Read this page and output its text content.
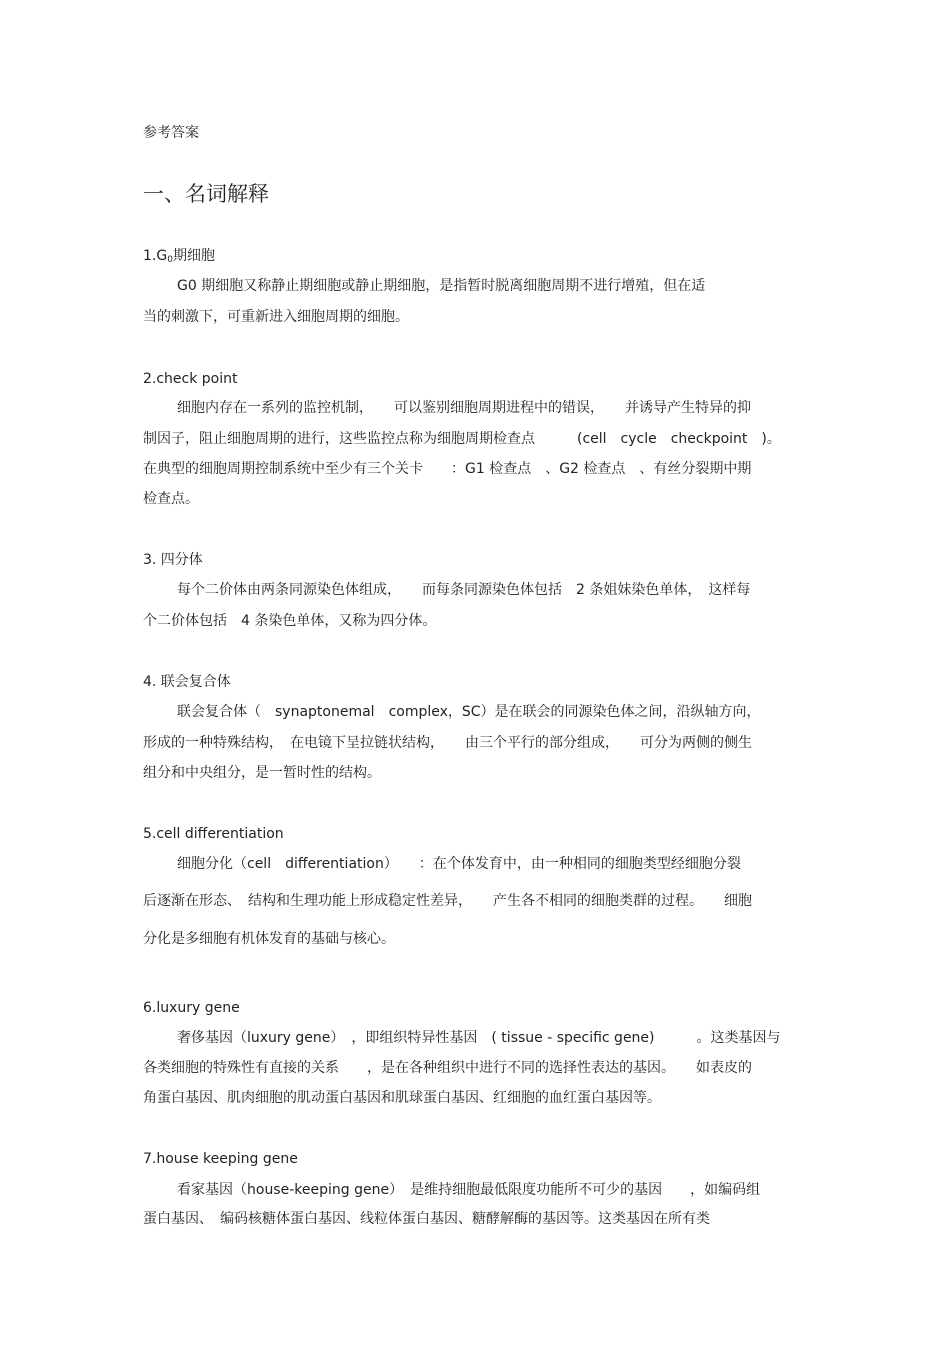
参考答案
一、名词解释
$1.G_0$期细胞
G0 期细胞又称静止期细胞或静止期细胞，是指暂时脱离细胞周期不进行增殖，但在适
当的刺激下，可重新进入细胞周期的细胞。
2.check point
细胞内存在一系列的监控机制，　　可以鉴别细胞周期进程中的错误，　　并诱导产生特异的抑
制因子，阻止细胞周期的进行，这些监控点称为细胞周期检查点　　　(cell　cycle　checkpoint　)。
在典型的细胞周期控制系统中至少有三个关卡　　：G1 检查点　、G2 检查点　、有丝分裂期中期
检查点。
3. 四分体
每个二价体由两条同源染色体组成，　　而每条同源染色体包括　2 条姐妹染色单体，　这样每
个二价体包括　4 条染色单体，又称为四分体。
4. 联会复合体
联会复合体（　synaptonemal　complex，SC）是在联会的同源染色体之间，沿纵轴方向，
形成的一种特殊结构，　在电镜下呈拉链状结构，　　由三个平行的部分组成，　　可分为两侧的侧生
组分和中央组分，是一暂时性的结构。
5.cell differentiation
细胞分化（cell　differentiation）　　：在个体发育中，由一种相同的细胞类型经细胞分裂
后逐渐在形态、　结构和生理功能上形成稳定性差异，　　产生各不相同的细胞类群的过程。　　细胞
分化是多细胞有机体发育的基础与核心。
6.luxury gene
奢侈基因（luxury gene）　，即组织特异性基因　( tissue - specific gene)　　　。这类基因与
各类细胞的特殊性有直接的关系　　，是在各种组织中进行不同的选择性表达的基因。　　如表皮的
角蛋白基因、肌肉细胞的肌动蛋白基因和肌球蛋白基因、红细胞的血红蛋白基因等。
7.house keeping gene
看家基因（house-keeping gene）　是维持细胞最低限度功能所不可少的基因　　，如编码组
蛋白基因、　编码核糖体蛋白基因、线粒体蛋白基因、糖酵解酶的基因等。这类基因在所有类
